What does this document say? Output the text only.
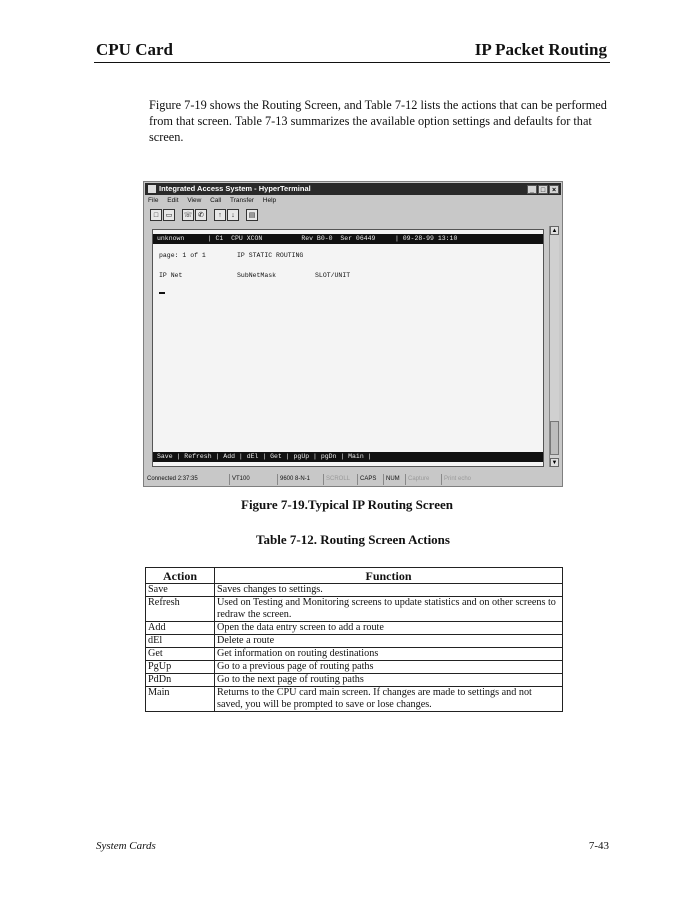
CPU Card	IP Packet Routing

Figure 7-19 shows the Routing Screen, and Table 7-12 lists the actions that can be performed from that screen. Table 7-13 summarizes the available option settings and defaults for that screen.

Integrated Access System - HyperTerminal	_ □ ×
File Edit View Call Transfer Help
□ ▭ ☏ ✆ ↑ ↓ ▤
unknown      | C1  CPU XCON          Rev B0-0  Ser 06449     | 09-28-99 13:10
page: 1 of 1        IP STATIC ROUTING
IP Net              SubNetMask          SLOT/UNIT
Save | Refresh | Add | dEl | Get | pgUp | pgDn | Main |
▲
▼
Connected 2:37:35	VT100	9600 8-N-1	SCROLL	CAPS	NUM	Capture	Print echo
Figure 7-19.Typical IP Routing Screen
Table 7-12. Routing Screen Actions
Action	Function
Save	Saves changes to settings.
Refresh	Used on Testing and Monitoring screens to update statistics and on other screens to redraw the screen.
Add	Open the data entry screen to add a route
dEl	Delete a route
Get	Get information on routing destinations
PgUp	Go to a previous page of routing paths
PdDn	Go to the next page of routing paths
Main	Returns to the CPU card main screen. If changes are made to settings and not saved, you will be prompted to save or lose changes.
System Cards	7-43
